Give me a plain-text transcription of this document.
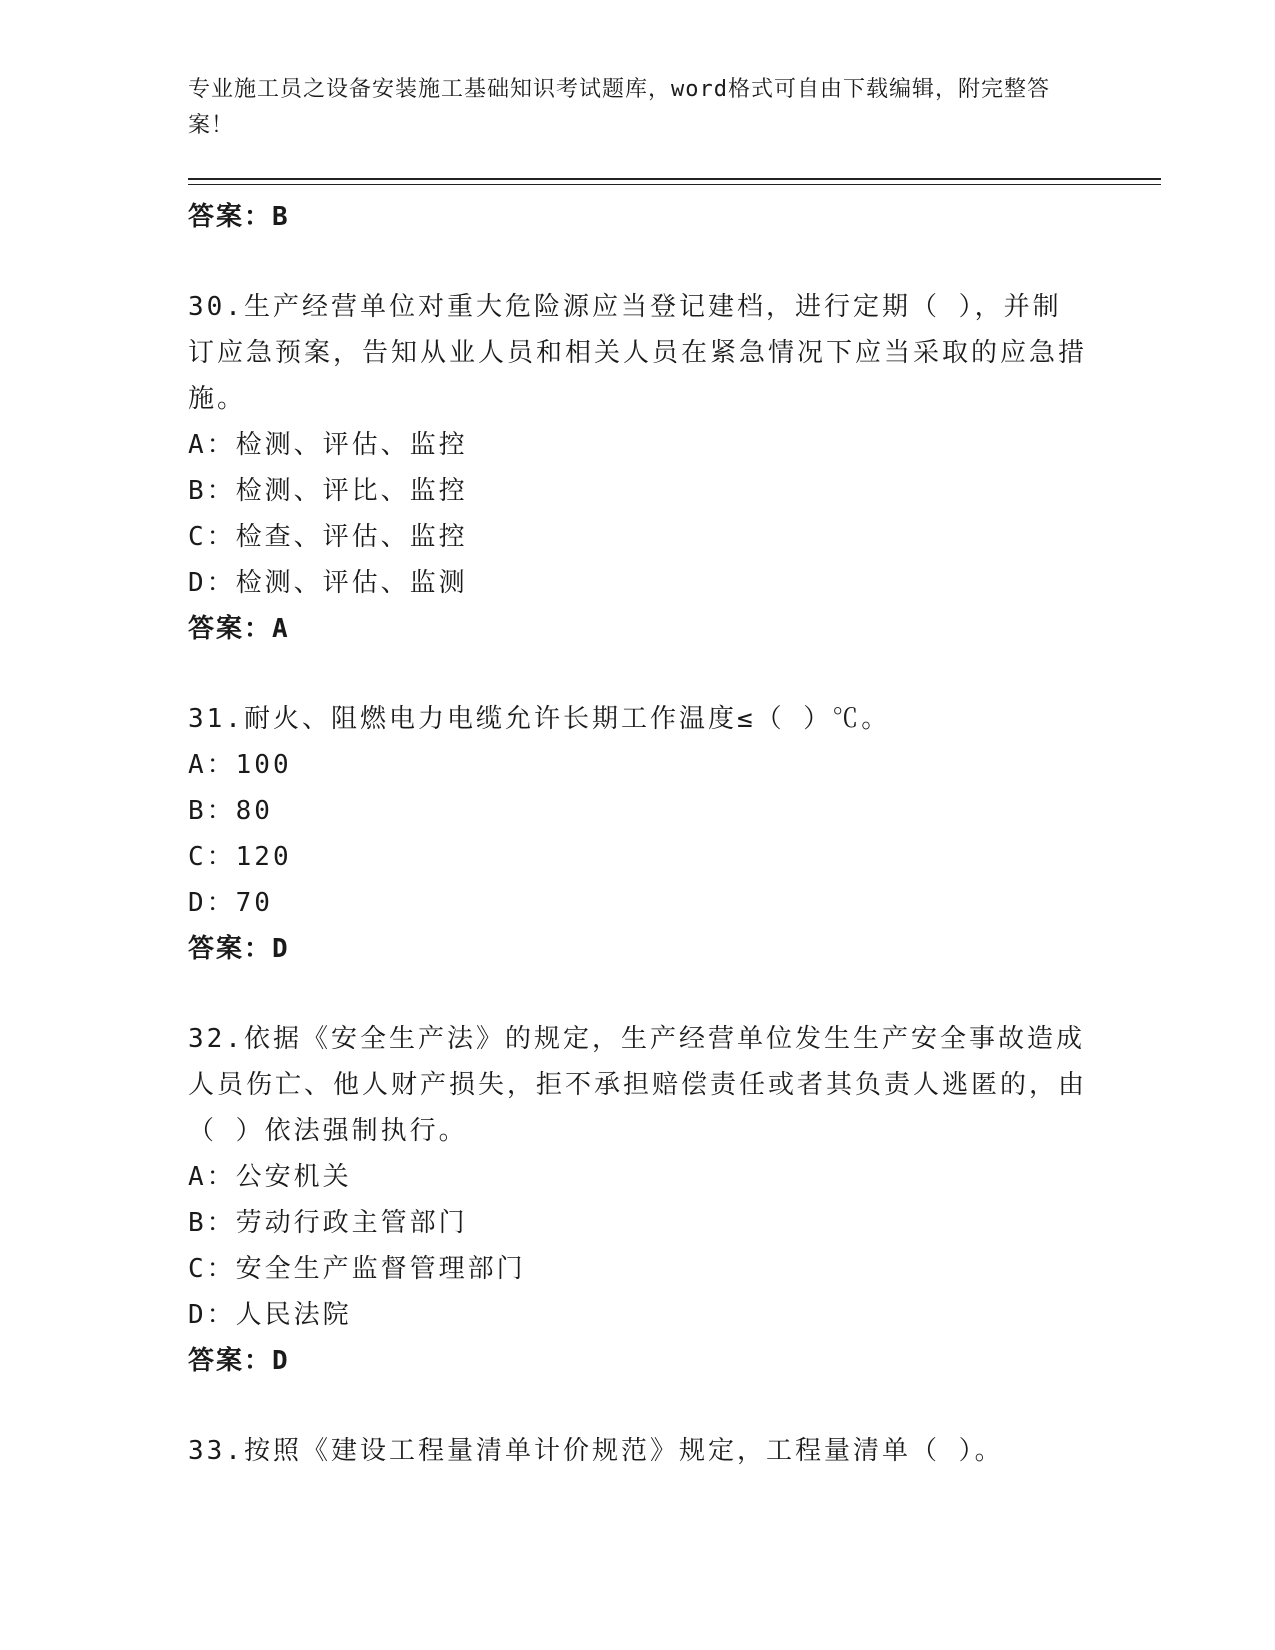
专业施工员之设备安装施工基础知识考试题库，word格式可自由下载编辑，附完整答案！
答案：B
30.生产经营单位对重大危险源应当登记建档，进行定期（ ），并制订应急预案，告知从业人员和相关人员在紧急情况下应当采取的应急措施。
A：检测、评估、监控
B：检测、评比、监控
C：检查、评估、监控
D：检测、评估、监测
答案：A
31.耐火、阻燃电力电缆允许长期工作温度≤（ ）℃。
A：100
B：80
C：120
D：70
答案：D
32.依据《安全生产法》的规定，生产经营单位发生生产安全事故造成人员伤亡、他人财产损失，拒不承担赔偿责任或者其负责人逃匿的，由（ ）依法强制执行。
A：公安机关
B：劳动行政主管部门
C：安全生产监督管理部门
D：人民法院
答案：D
33.按照《建设工程量清单计价规范》规定，工程量清单（ ）。
